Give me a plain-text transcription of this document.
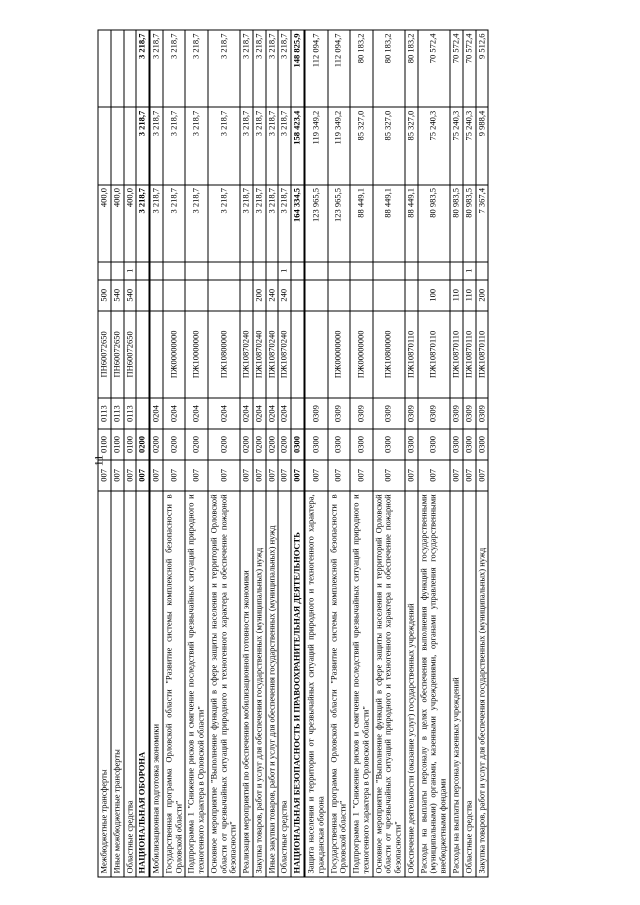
11
Межбюджетные трансферты	007	0100	0113	ПН60072650	500		400,0		
Иные межбюджетные трансферты	007	0100	0113	ПН60072650	540		400,0		
Областные средства	007	0100	0113	ПН60072650	540	1	400,0		
НАЦИОНАЛЬНАЯ ОБОРОНА	007	0200					3 218,7	3 218,7	3 218,7
Мобилизационная подготовка экономики	007	0200	0204				3 218,7	3 218,7	3 218,7
Государственная программа Орловской области "Развитие системы комплексной безопасности в Орловской области"	007	0200	0204	ПЖ00000000			3 218,7	3 218,7	3 218,7
Подпрограмма 1 "Снижение рисков и смягчение последствий чрезвычайных ситуаций природного и техногенного характера в Орловской области"	007	0200	0204	ПЖ10000000			3 218,7	3 218,7	3 218,7
Основное мероприятие "Выполнение функций в сфере защиты населения и территорий Орловской области от чрезвычайных ситуаций природного и техногенного характера и обеспечение пожарной безопасности"	007	0200	0204	ПЖ10800000			3 218,7	3 218,7	3 218,7
Реализация мероприятий по обеспечению мобилизационной готовности экономики	007	0200	0204	ПЖ10870240			3 218,7	3 218,7	3 218,7
Закупка товаров, работ и услуг для обеспечения государственных (муниципальных) нужд	007	0200	0204	ПЖ10870240	200		3 218,7	3 218,7	3 218,7
Иные закупки товаров, работ и услуг для обеспечения государственных (муниципальных) нужд	007	0200	0204	ПЖ10870240	240		3 218,7	3 218,7	3 218,7
Областные средства	007	0200	0204	ПЖ10870240	240	1	3 218,7	3 218,7	3 218,7
НАЦИОНАЛЬНАЯ БЕЗОПАСНОСТЬ И ПРАВООХРАНИТЕЛЬНАЯ ДЕЯТЕЛЬНОСТЬ	007	0300					164 334,5	158 423,4	148 825,9
Защита населения и территории от чрезвычайных ситуаций природного и техногенного характера, гражданская оборона	007	0300	0309				123 965,5	119 349,2	112 094,7
Государственная программа Орловской области "Развитие системы комплексной безопасности в Орловской области"	007	0300	0309	ПЖ00000000			123 965,5	119 349,2	112 094,7
Подпрограмма 1 "Снижение рисков и смягчение последствий чрезвычайных ситуаций природного и техногенного характера в Орловской области"	007	0300	0309	ПЖ00000000			88 449,1	85 327,0	80 183,2
Основное мероприятие "Выполнение функций в сфере защиты населения и территорий Орловской области от чрезвычайных ситуаций природного и техногенного характера и обеспечение пожарной безопасности"	007	0300	0309	ПЖ10800000			88 449,1	85 327,0	80 183,2
Обеспечение деятельности (оказание услуг) государственных учреждений	007	0300	0309	ПЖ10870110			88 449,1	85 327,0	80 183,2
Расходы на выплаты персоналу в целях обеспечения выполнения функций государственными (муниципальными) органами, казенными учреждениями, органами управления государственными внебюджетными фондами	007	0300	0309	ПЖ10870110	100		80 983,5	75 240,3	70 572,4
Расходы на выплаты персоналу казенных учреждений	007	0300	0309	ПЖ10870110	110		80 983,5	75 240,3	70 572,4
Областные средства	007	0300	0309	ПЖ10870110	110	1	80 983,5	75 240,3	70 572,4
Закупка товаров, работ и услуг для обеспечения государственных (муниципальных) нужд	007	0300	0309	ПЖ10870110	200		7 367,4	9 988,4	9 512,6
